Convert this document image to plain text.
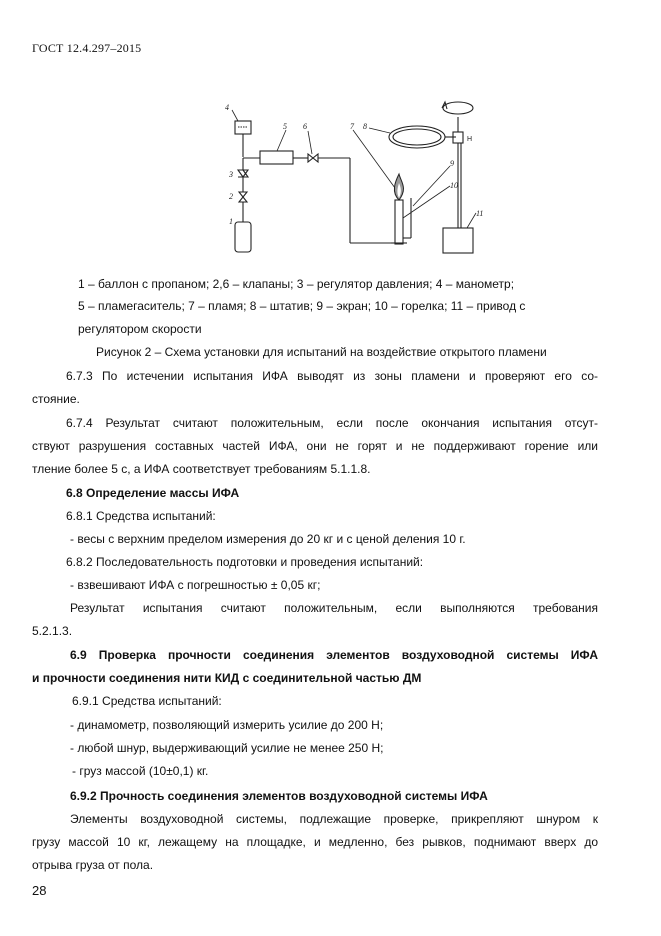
ГОСТ 12.4.297–2015
4
5 6
3
2
1
7 8
9
10
11
Н
1 – баллон с пропаном; 2,6 – клапаны; 3 – регулятор давления; 4 – манометр;
5 – пламегаситель; 7 – пламя; 8 – штатив; 9 – экран; 10 – горелка; 11 – привод с
регулятором скорости
Рисунок 2 – Схема установки для испытаний на воздействие открытого пламени
6.7.3 По истечении испытания ИФА выводят из зоны пламени и проверяют его со-
стояние.
6.7.4 Результат считают положительным, если после окончания испытания отсут-
ствуют разрушения составных частей ИФА, они не горят и не поддерживают горение или
тление более 5 с, а ИФА соответствует требованиям 5.1.1.8.
6.8 Определение массы ИФА
6.8.1 Средства испытаний:
- весы с верхним пределом измерения до 20 кг и с ценой деления 10 г.
6.8.2 Последовательность подготовки и проведения испытаний:
- взвешивают ИФА с погрешностью ± 0,05 кг;
Результат испытания считают положительным, если выполняются требования
5.2.1.3.
6.9 Проверка прочности соединения элементов воздуховодной системы ИФА
и прочности соединения нити КИД с соединительной частью ДМ
6.9.1 Средства испытаний:
- динамометр, позволяющий измерить усилие до 200 Н;
- любой шнур, выдерживающий усилие не менее 250 Н;
- груз массой (10±0,1) кг.
6.9.2 Прочность соединения элементов воздуховодной системы ИФА
Элементы воздуховодной системы, подлежащие проверке, прикрепляют шнуром к
грузу массой 10 кг, лежащему на площадке, и медленно, без рывков, поднимают вверх до
отрыва груза от пола.
28
